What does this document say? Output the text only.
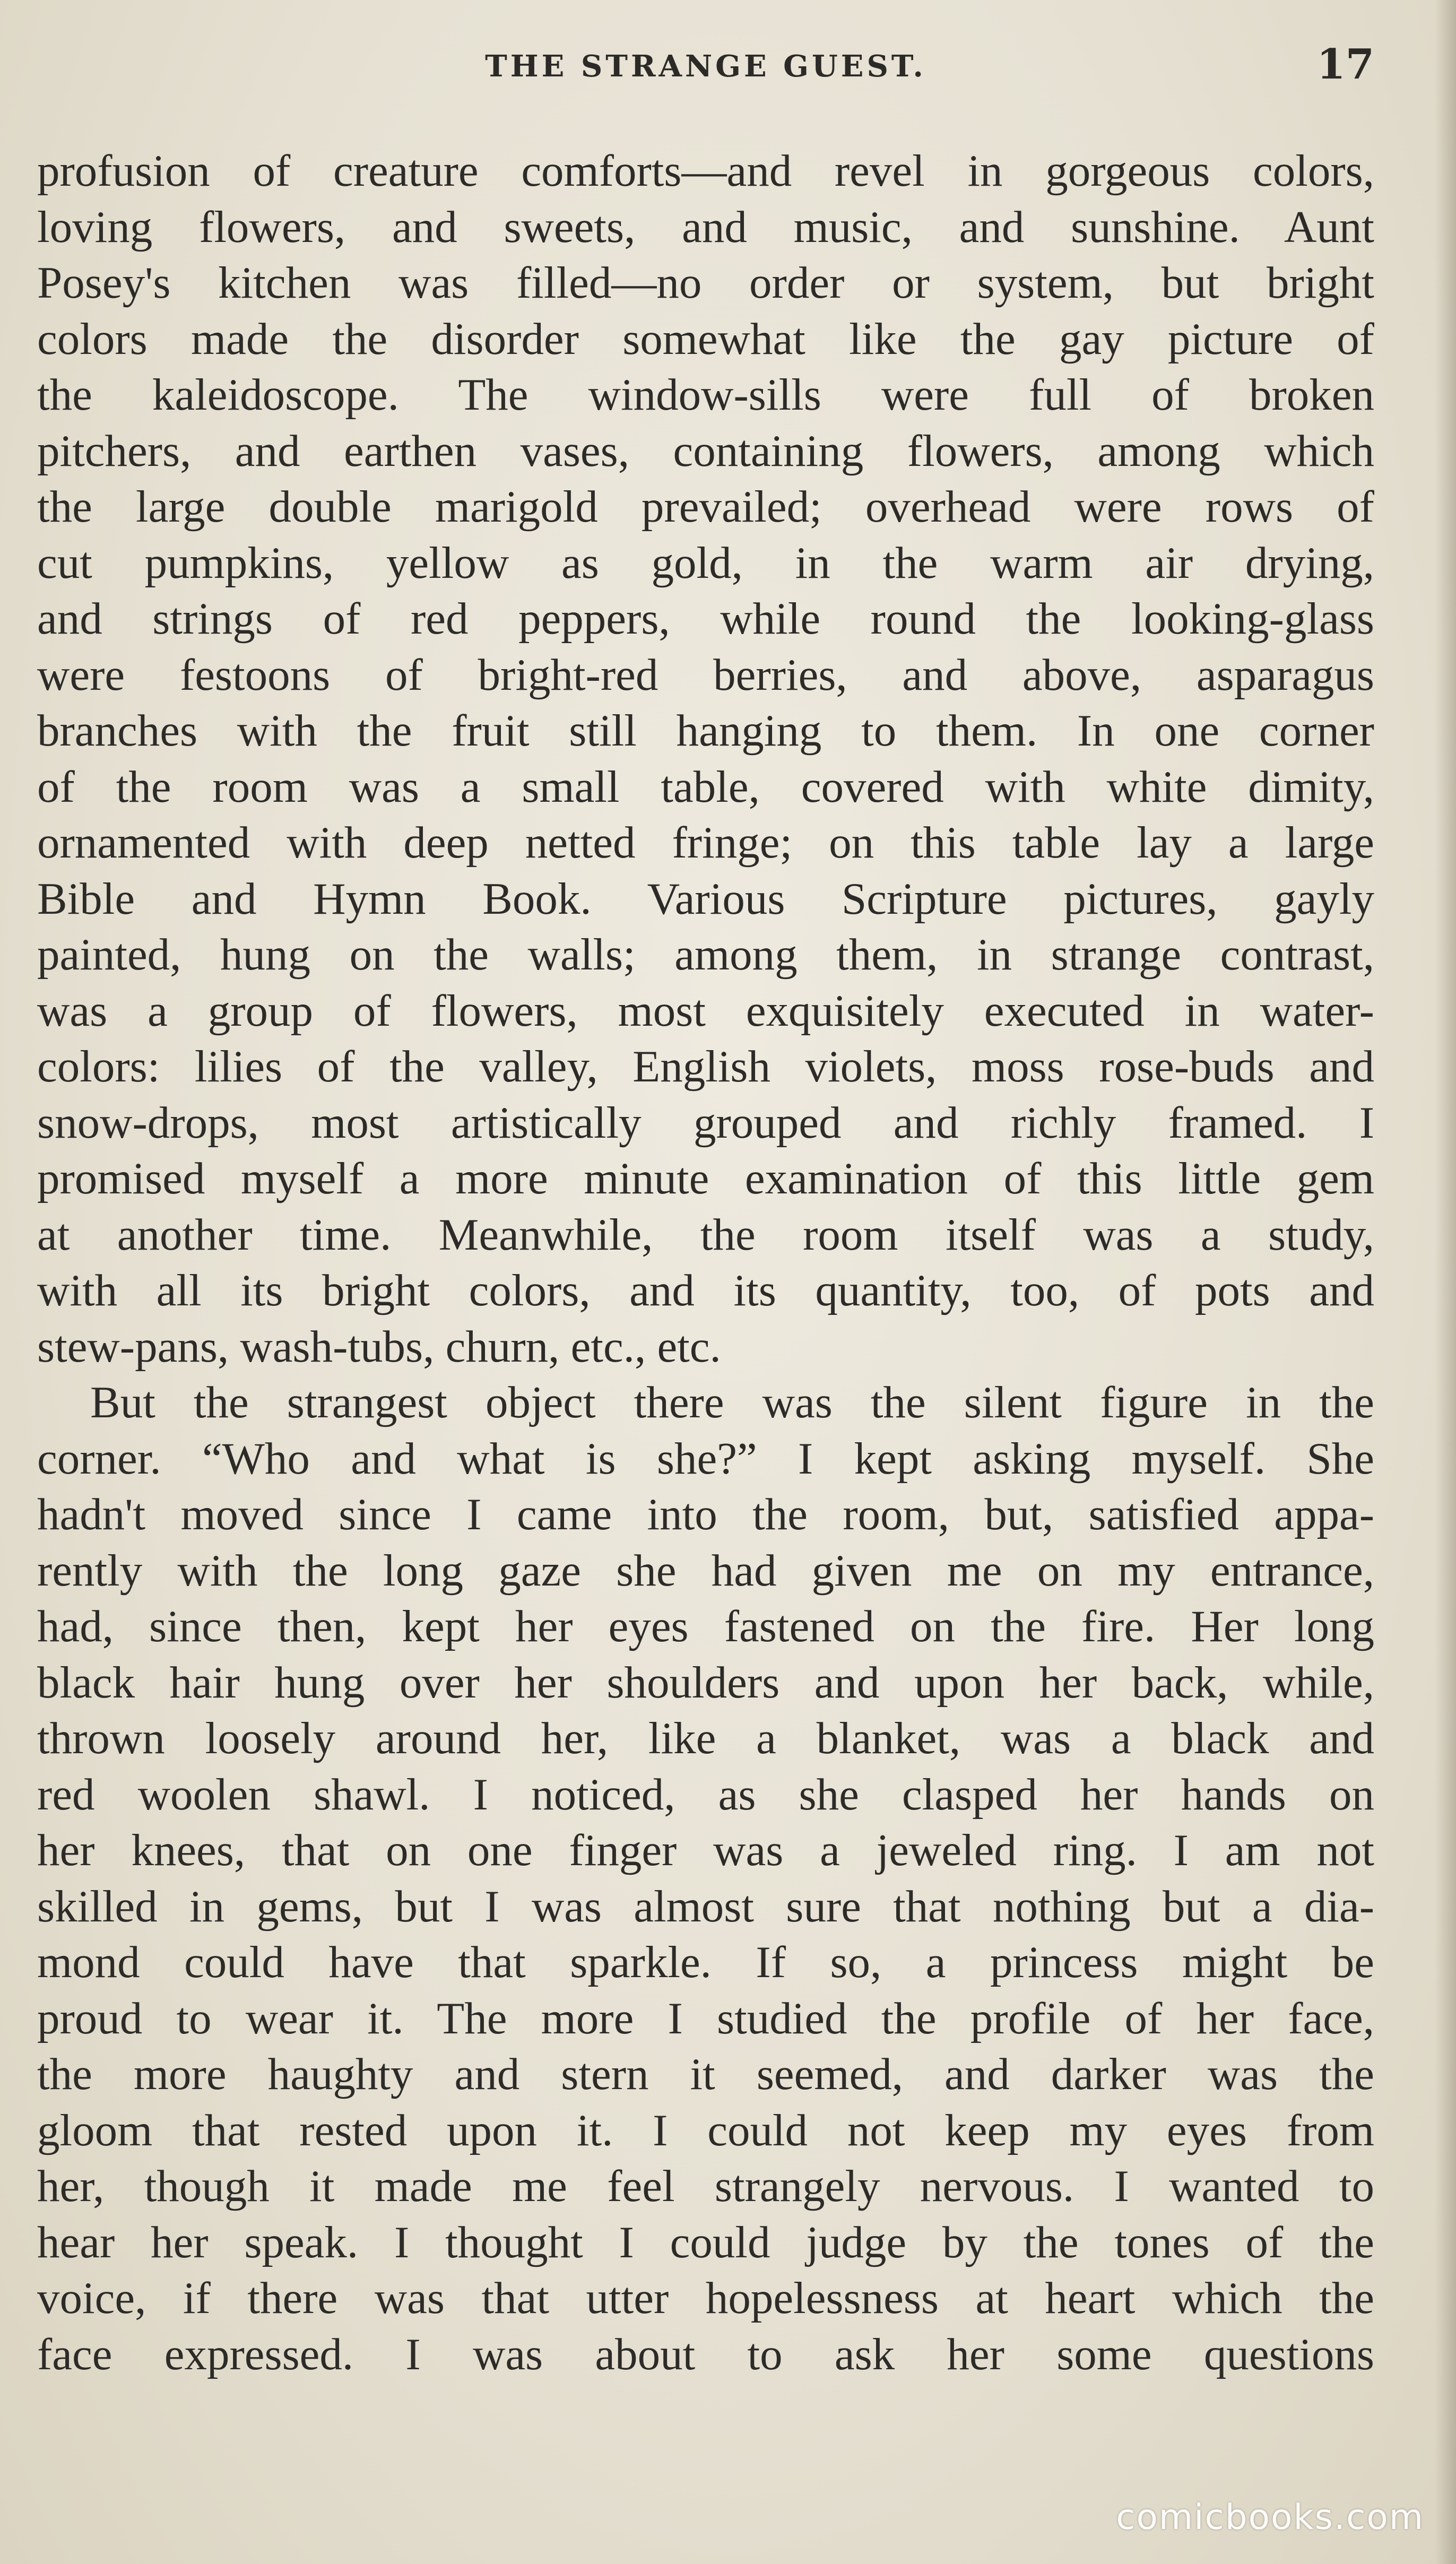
THE STRANGE GUEST.	17
profusion of creature comforts—and revel in gorgeous colors,
loving flowers, and sweets, and music, and sunshine. Aunt
Posey's kitchen was filled—no order or system, but bright
colors made the disorder somewhat like the gay picture of
the kaleidoscope. The window-sills were full of broken
pitchers, and earthen vases, containing flowers, among which
the large double marigold prevailed; overhead were rows of
cut pumpkins, yellow as gold, in the warm air drying,
and strings of red peppers, while round the looking-glass
were festoons of bright-red berries, and above, asparagus
branches with the fruit still hanging to them. In one corner
of the room was a small table, covered with white dimity,
ornamented with deep netted fringe; on this table lay a large
Bible and Hymn Book. Various Scripture pictures, gayly
painted, hung on the walls; among them, in strange contrast,
was a group of flowers, most exquisitely executed in water-
colors: lilies of the valley, English violets, moss rose-buds and
snow-drops, most artistically grouped and richly framed. I
promised myself a more minute examination of this little gem
at another time. Meanwhile, the room itself was a study,
with all its bright colors, and its quantity, too, of pots and
stew-pans, wash-tubs, churn, etc., etc.
But the strangest object there was the silent figure in the
corner. “Who and what is she?” I kept asking myself. She
hadn't moved since I came into the room, but, satisfied appa-
rently with the long gaze she had given me on my entrance,
had, since then, kept her eyes fastened on the fire. Her long
black hair hung over her shoulders and upon her back, while,
thrown loosely around her, like a blanket, was a black and
red woolen shawl. I noticed, as she clasped her hands on
her knees, that on one finger was a jeweled ring. I am not
skilled in gems, but I was almost sure that nothing but a dia-
mond could have that sparkle. If so, a princess might be
proud to wear it. The more I studied the profile of her face,
the more haughty and stern it seemed, and darker was the
gloom that rested upon it. I could not keep my eyes from
her, though it made me feel strangely nervous. I wanted to
hear her speak. I thought I could judge by the tones of the
voice, if there was that utter hopelessness at heart which the
face expressed. I was about to ask her some questions
comicbooks.com
